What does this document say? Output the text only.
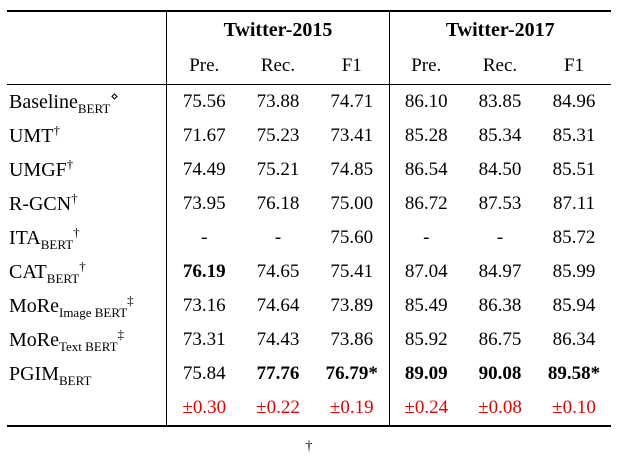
	Twitter-2015			Twitter-2017		
	Pre.	Rec.	F1	Pre.	Rec.	F1
Baseline$_{BERT}$⋄	75.56	73.88	74.71	86.10	83.85	84.96
UMT†	71.67	75.23	73.41	85.28	85.34	85.31
UMGF†	74.49	75.21	74.85	86.54	84.50	85.51
R-GCN†	73.95	76.18	75.00	86.72	87.53	87.11
$ITA_{BERT}^\dagger$	-	-	75.60	-	-	85.72
$CAT_{BERT}^\dagger$	76.19	74.65	75.41	87.04	84.97	85.99
MoRe$_{Image BERT}$‡	73.16	74.64	73.89	85.49	86.38	85.94
MoRe$_{Text BERT}$‡	73.31	74.43	73.86	85.92	86.75	86.34
$PGIM_{BERT}$	75.84	77.76	76.79*	89.09	90.08	89.58*
	±0.30	±0.22	±0.19	±0.24	±0.08	±0.10
†
